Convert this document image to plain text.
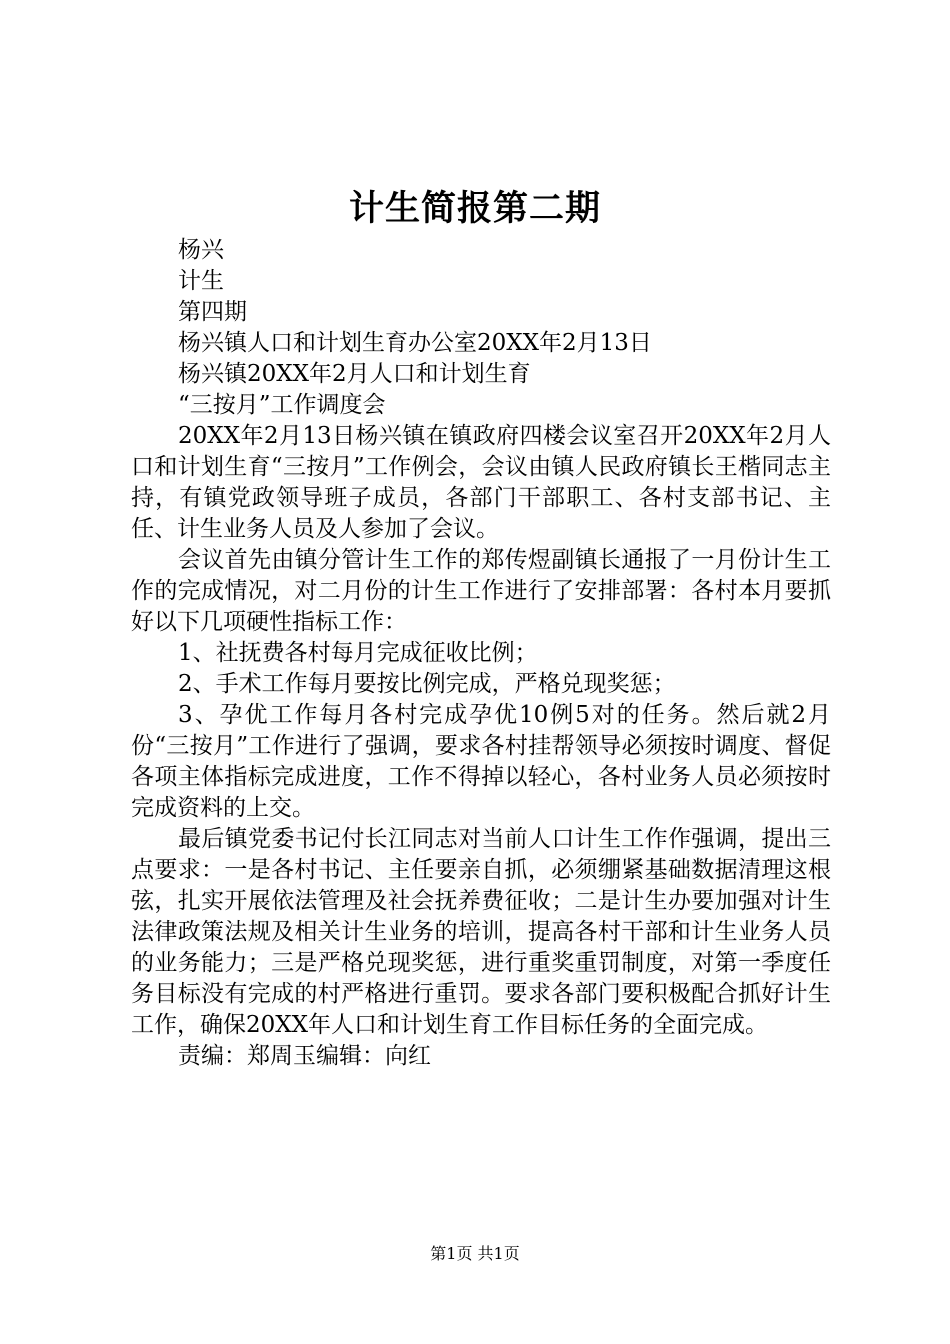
计生简报第二期
杨兴
计生
第四期
杨兴镇人口和计划生育办公室20XX年2月13日
杨兴镇20XX年2月人口和计划生育
“三按月”工作调度会

20XX年2月13日杨兴镇在镇政府四楼会议室召开20XX年2月人口和计划生育“三按月”工作例会，会议由镇人民政府镇长王楷同志主持，有镇党政领导班子成员，各部门干部职工、各村支部书记、主任、计生业务人员及人参加了会议。

会议首先由镇分管计生工作的郑传煜副镇长通报了一月份计生工作的完成情况，对二月份的计生工作进行了安排部署：各村本月要抓好以下几项硬性指标工作：

1、社抚费各村每月完成征收比例；

2、手术工作每月要按比例完成，严格兑现奖惩；

3、孕优工作每月各村完成孕优10例5对的任务。然后就2月份“三按月”工作进行了强调，要求各村挂帮领导必须按时调度、督促各项主体指标完成进度，工作不得掉以轻心，各村业务人员必须按时完成资料的上交。

最后镇党委书记付长江同志对当前人口计生工作作强调，提出三点要求：一是各村书记、主任要亲自抓，必须绷紧基础数据清理这根弦，扎实开展依法管理及社会抚养费征收；二是计生办要加强对计生法律政策法规及相关计生业务的培训，提高各村干部和计生业务人员的业务能力；三是严格兑现奖惩，进行重奖重罚制度，对第一季度任务目标没有完成的村严格进行重罚。要求各部门要积极配合抓好计生工作，确保20XX年人口和计划生育工作目标任务的全面完成。

责编：郑周玉编辑：向红
第1页 共1页
